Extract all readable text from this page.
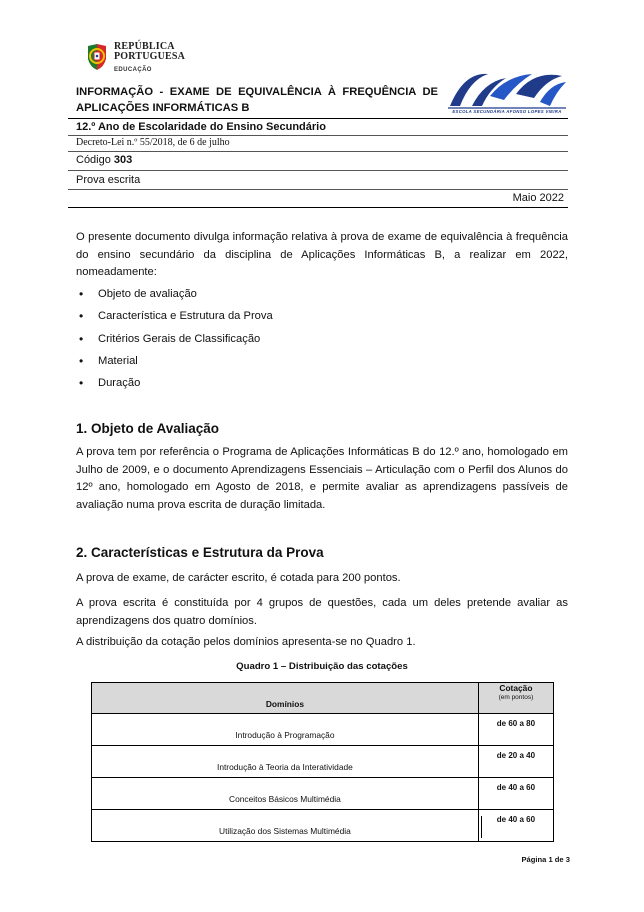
REPÚBLICA
PORTUGUESA
EDUCAÇÃO
ESCOLA SECUNDÁRIA AFONSO LOPES VIEIRA
INFORMAÇÃO - EXAME DE EQUIVALÊNCIA À FREQUÊNCIA DE APLICAÇÕES INFORMÁTICAS B
12.º Ano de Escolaridade do Ensino Secundário
Decreto-Lei n.º 55/2018, de 6 de julho
Código 303
Prova escrita
Maio 2022
O presente documento divulga informação relativa à prova de exame de equivalência à frequência do ensino secundário da disciplina de Aplicações Informáticas B, a realizar em 2022, nomeadamente:
• Objeto de avaliação
• Característica e Estrutura da Prova
• Critérios Gerais de Classificação
• Material
• Duração
1. Objeto de Avaliação
A prova tem por referência o Programa de Aplicações Informáticas B do 12.º ano, homologado em Julho de 2009, e o documento Aprendizagens Essenciais – Articulação com o Perfil dos Alunos do 12º ano, homologado em Agosto de 2018, e permite avaliar as aprendizagens passíveis de avaliação numa prova escrita de duração limitada.
2. Características e Estrutura da Prova
A prova de exame, de carácter escrito, é cotada para 200 pontos.
A prova escrita é constituída por 4 grupos de questões, cada um deles pretende avaliar as aprendizagens dos quatro domínios.
A distribuição da cotação pelos domínios apresenta-se no Quadro 1.
Quadro 1 – Distribuição das cotações
Domínios	Cotação
(em pontos)

Introdução à Programação	de 60 a 80
Introdução à Teoria da Interatividade	de 20 a 40
Conceitos Básicos Multimédia	de 40 a 60
Utilização dos Sistemas Multimédia	de 40 a 60
Página 1 de 3
